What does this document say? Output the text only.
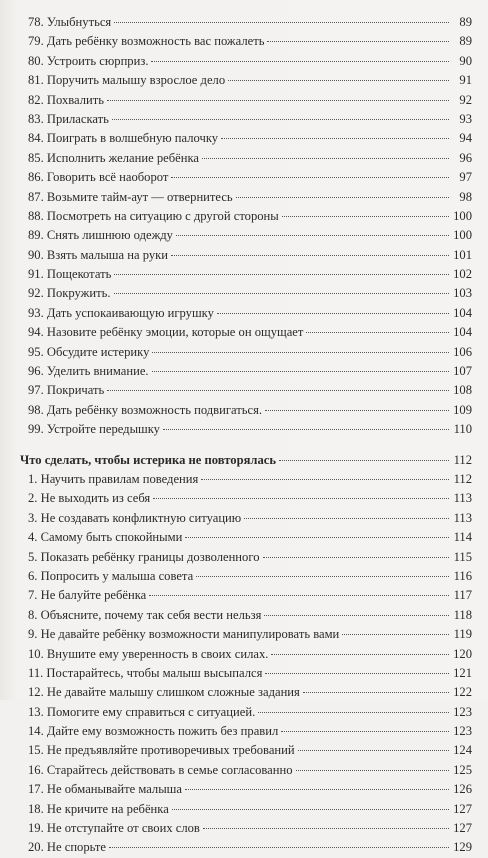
78. Улыбнуться	89
79. Дать ребёнку возможность вас пожалеть	89
80. Устроить сюрприз.	90
81. Поручить малышу взрослое дело	91
82. Похвалить	92
83. Приласкать	93
84. Поиграть в волшебную палочку	94
85. Исполнить желание ребёнка	96
86. Говорить всё наоборот	97
87. Возьмите тайм-аут — отвернитесь	98
88. Посмотреть на ситуацию с другой стороны	100
89. Снять лишнюю одежду	100
90. Взять малыша на руки	101
91. Пощекотать	102
92. Покружить.	103
93. Дать успокаивающую игрушку	104
94. Назовите ребёнку эмоции, которые он ощущает	104
95. Обсудите истерику	106
96. Уделить внимание.	107
97. Покричать	108
98. Дать ребёнку возможность подвигаться.	109
99. Устройте передышку	110
Что сделать, чтобы истерика не повторялась	112
1. Научить правилам поведения	112
2. Не выходить из себя	113
3. Не создавать конфликтную ситуацию	113
4. Самому быть спокойными	114
5. Показать ребёнку границы дозволенного	115
6. Попросить у малыша совета	116
7. Не балуйте ребёнка	117
8. Объясните, почему так себя вести нельзя	118
9. Не давайте ребёнку возможности манипулировать вами	119
10. Внушите ему уверенность в своих силах.	120
11. Постарайтесь, чтобы малыш высыпался	121
12. Не давайте малышу слишком сложные задания	122
13. Помогите ему справиться с ситуацией.	123
14. Дайте ему возможность пожить без правил	123
15. Не предъявляйте противоречивых требований	124
16. Старайтесь действовать в семье согласованно	125
17. Не обманывайте малыша	126
18. Не кричите на ребёнка	127
19. Не отступайте от своих слов	127
20. Не спорьте	129
